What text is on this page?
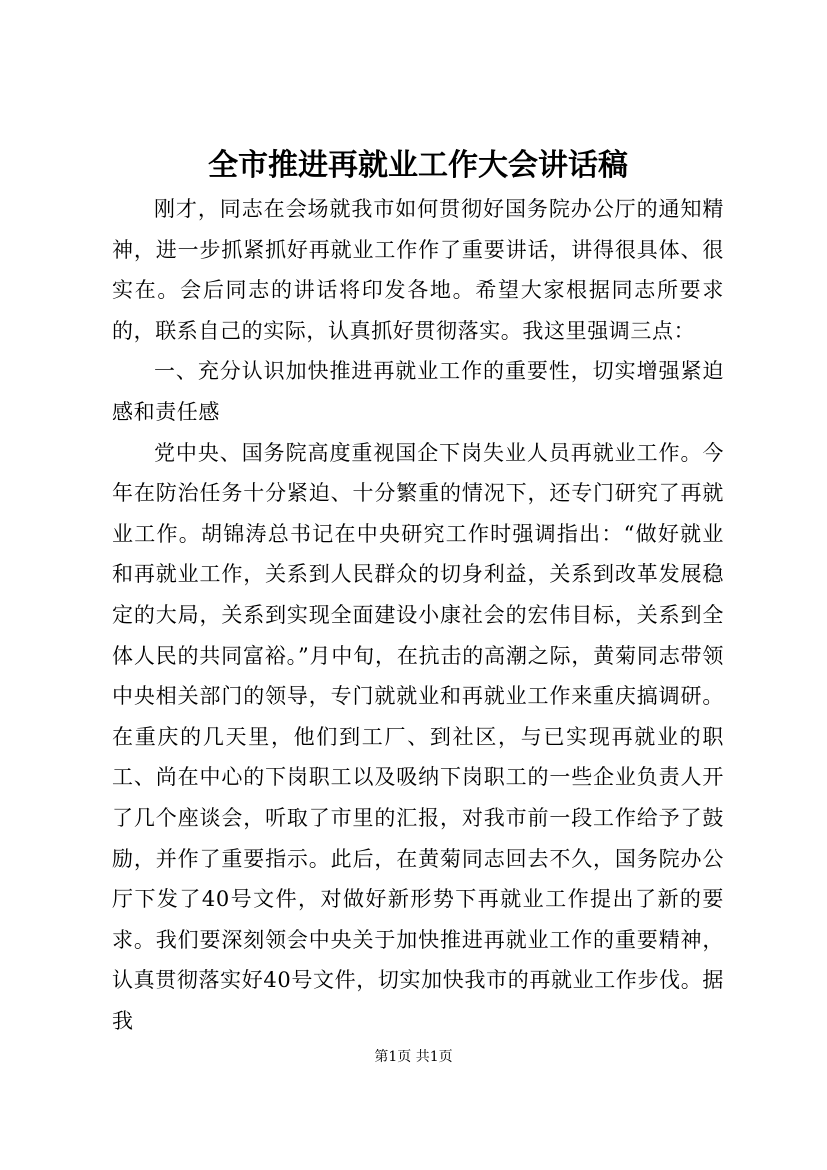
全市推进再就业工作大会讲话稿

刚才，同志在会场就我市如何贯彻好国务院办公厅的通知精神，进一步抓紧抓好再就业工作作了重要讲话，讲得很具体、很实在。会后同志的讲话将印发各地。希望大家根据同志所要求的，联系自己的实际，认真抓好贯彻落实。我这里强调三点：

一、充分认识加快推进再就业工作的重要性，切实增强紧迫感和责任感

党中央、国务院高度重视国企下岗失业人员再就业工作。今年在防治任务十分紧迫、十分繁重的情况下，还专门研究了再就业工作。胡锦涛总书记在中央研究工作时强调指出：“做好就业和再就业工作，关系到人民群众的切身利益，关系到改革发展稳定的大局，关系到实现全面建设小康社会的宏伟目标，关系到全体人民的共同富裕。”月中旬，在抗击的高潮之际，黄菊同志带领中央相关部门的领导，专门就就业和再就业工作来重庆搞调研。在重庆的几天里，他们到工厂、到社区，与已实现再就业的职工、尚在中心的下岗职工以及吸纳下岗职工的一些企业负责人开了几个座谈会，听取了市里的汇报，对我市前一段工作给予了鼓励，并作了重要指示。此后，在黄菊同志回去不久，国务院办公厅下发了40号文件，对做好新形势下再就业工作提出了新的要求。我们要深刻领会中央关于加快推进再就业工作的重要精神，认真贯彻落实好40号文件，切实加快我市的再就业工作步伐。据我

第1页 共1页
